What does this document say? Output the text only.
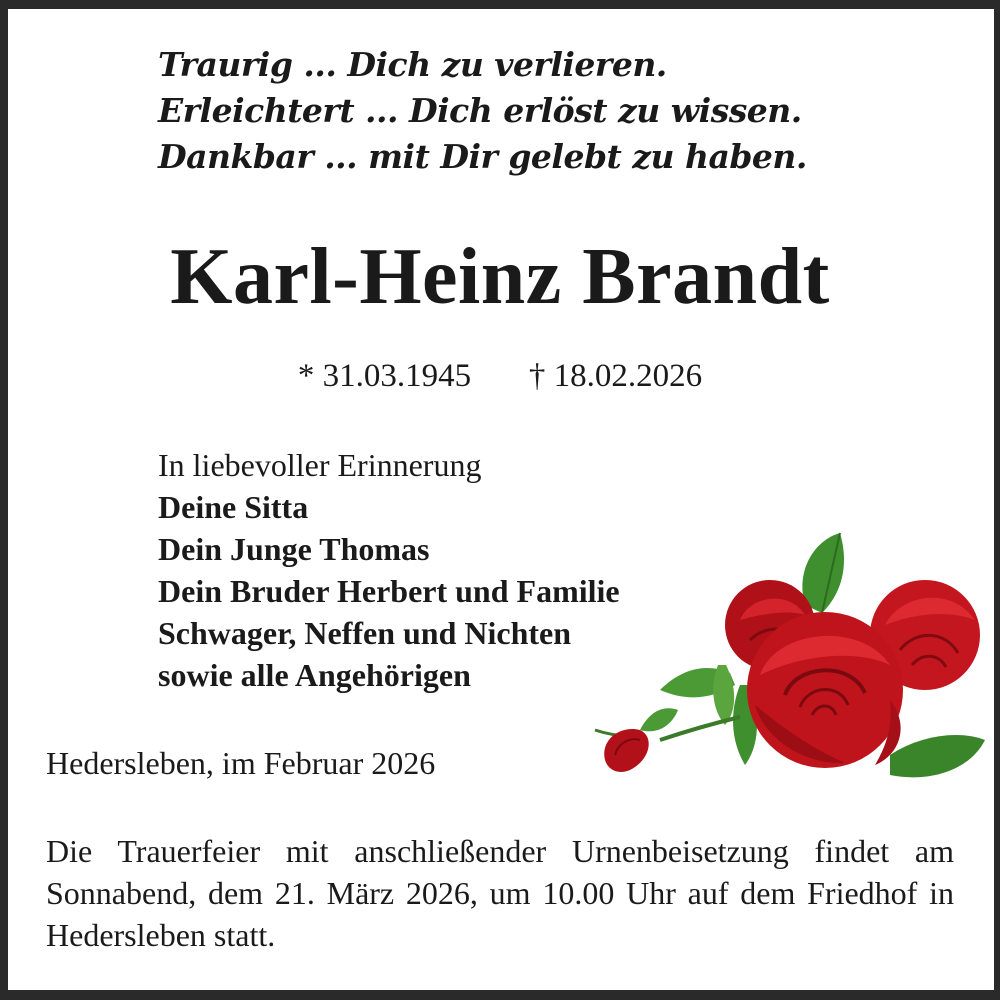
Traurig ... Dich zu verlieren.
Erleichtert ... Dich erlöst zu wissen.
Dankbar ... mit Dir gelebt zu haben.
Karl-Heinz Brandt
* 31.03.1945 † 18.02.2026
In liebevoller Erinnerung
Deine Sitta
Dein Junge Thomas
Dein Bruder Herbert und Familie
Schwager, Neffen und Nichten
sowie alle Angehörigen
Hedersleben, im Februar 2026
Die Trauerfeier mit anschließender Urnenbeisetzung findet am Sonnabend, dem 21. März 2026, um 10.00 Uhr auf dem Friedhof in Hedersleben statt.
